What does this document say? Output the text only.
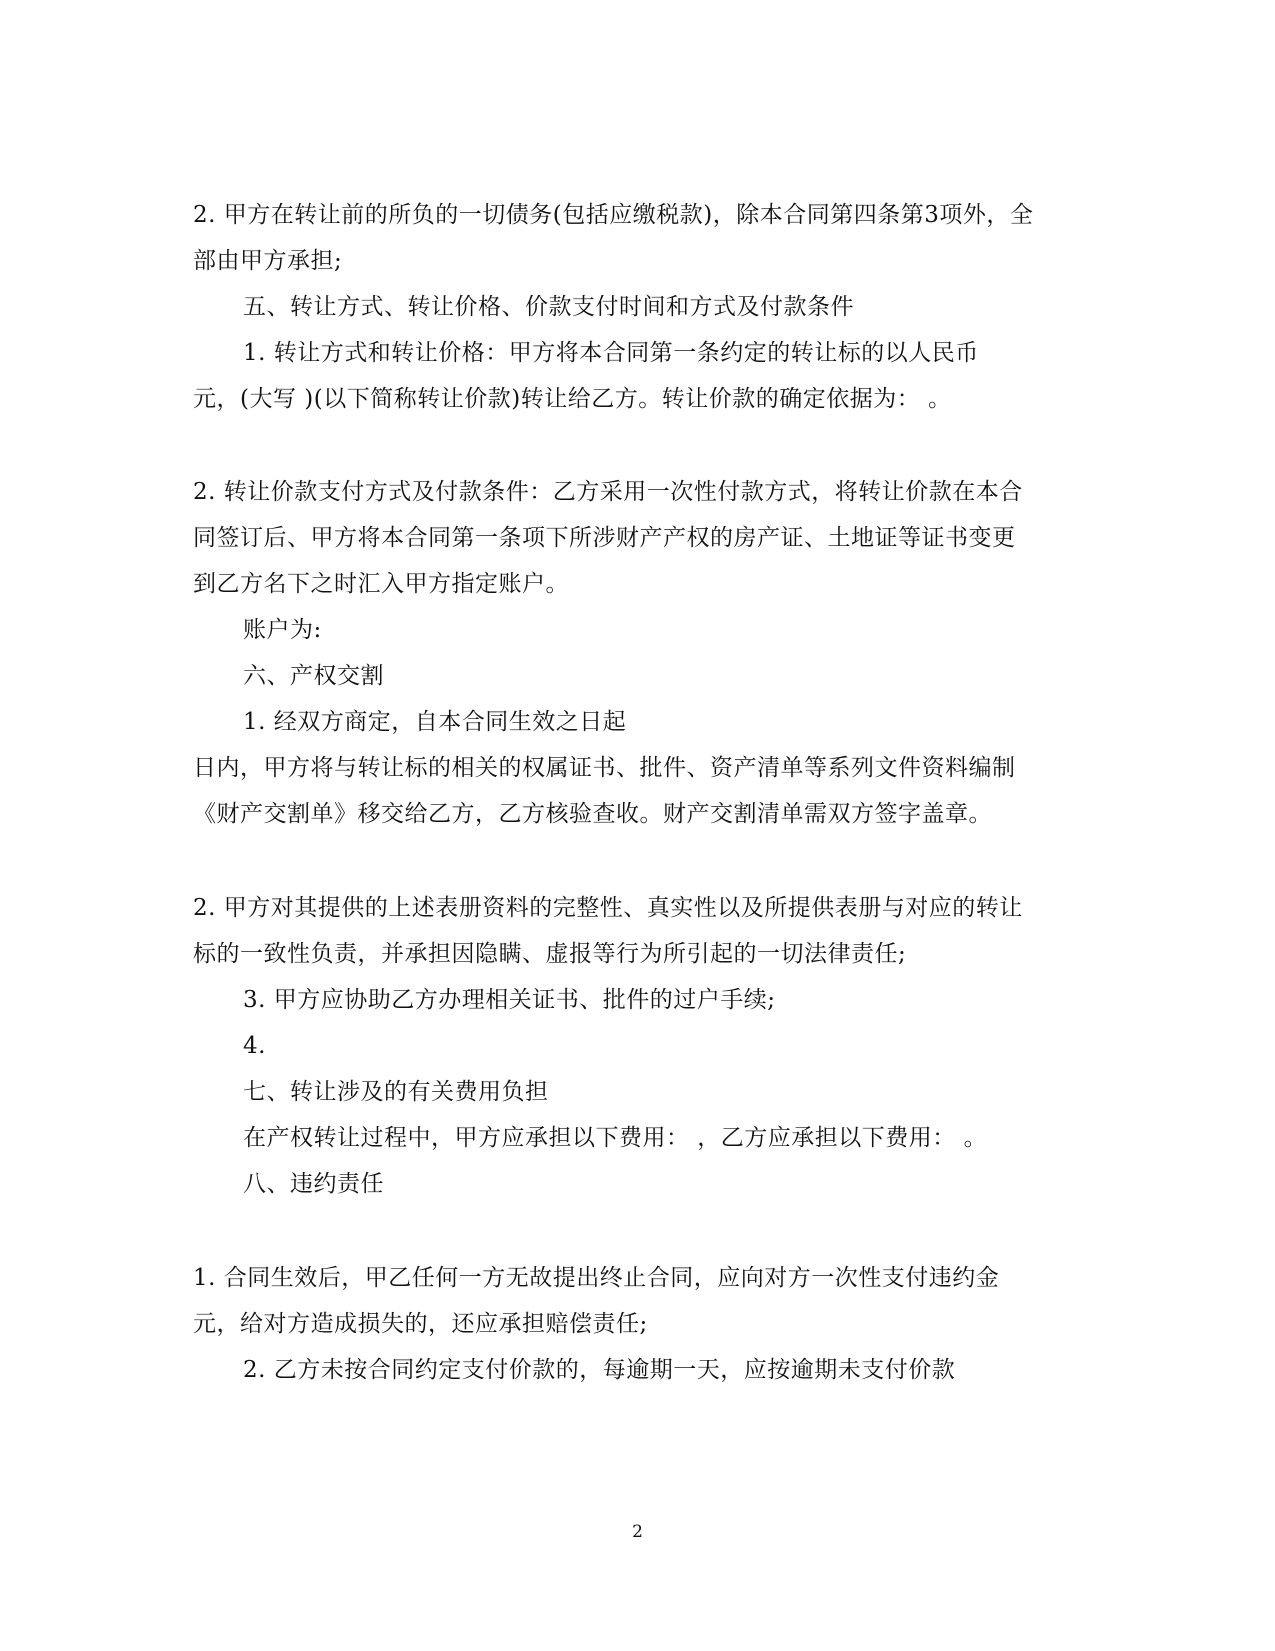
2. 甲方在转让前的所负的一切债务(包括应缴税款)，除本合同第四条第3项外，全
部由甲方承担;
五、转让方式、转让价格、价款支付时间和方式及付款条件
1. 转让方式和转让价格：甲方将本合同第一条约定的转让标的以人民币
元，(大写 )(以下简称转让价款)转让给乙方。转让价款的确定依据为： 。
2. 转让价款支付方式及付款条件：乙方采用一次性付款方式，将转让价款在本合
同签订后、甲方将本合同第一条项下所涉财产产权的房产证、土地证等证书变更
到乙方名下之时汇入甲方指定账户。
账户为:
六、产权交割
1. 经双方商定，自本合同生效之日起
日内，甲方将与转让标的相关的权属证书、批件、资产清单等系列文件资料编制
《财产交割单》移交给乙方，乙方核验查收。财产交割清单需双方签字盖章。
2. 甲方对其提供的上述表册资料的完整性、真实性以及所提供表册与对应的转让
标的一致性负责，并承担因隐瞒、虚报等行为所引起的一切法律责任;
3. 甲方应协助乙方办理相关证书、批件的过户手续;
4.
七、转让涉及的有关费用负担
在产权转让过程中，甲方应承担以下费用： ，乙方应承担以下费用： 。
八、违约责任
1. 合同生效后，甲乙任何一方无故提出终止合同，应向对方一次性支付违约金
元，给对方造成损失的，还应承担赔偿责任;
2. 乙方未按合同约定支付价款的，每逾期一天，应按逾期未支付价款
2
